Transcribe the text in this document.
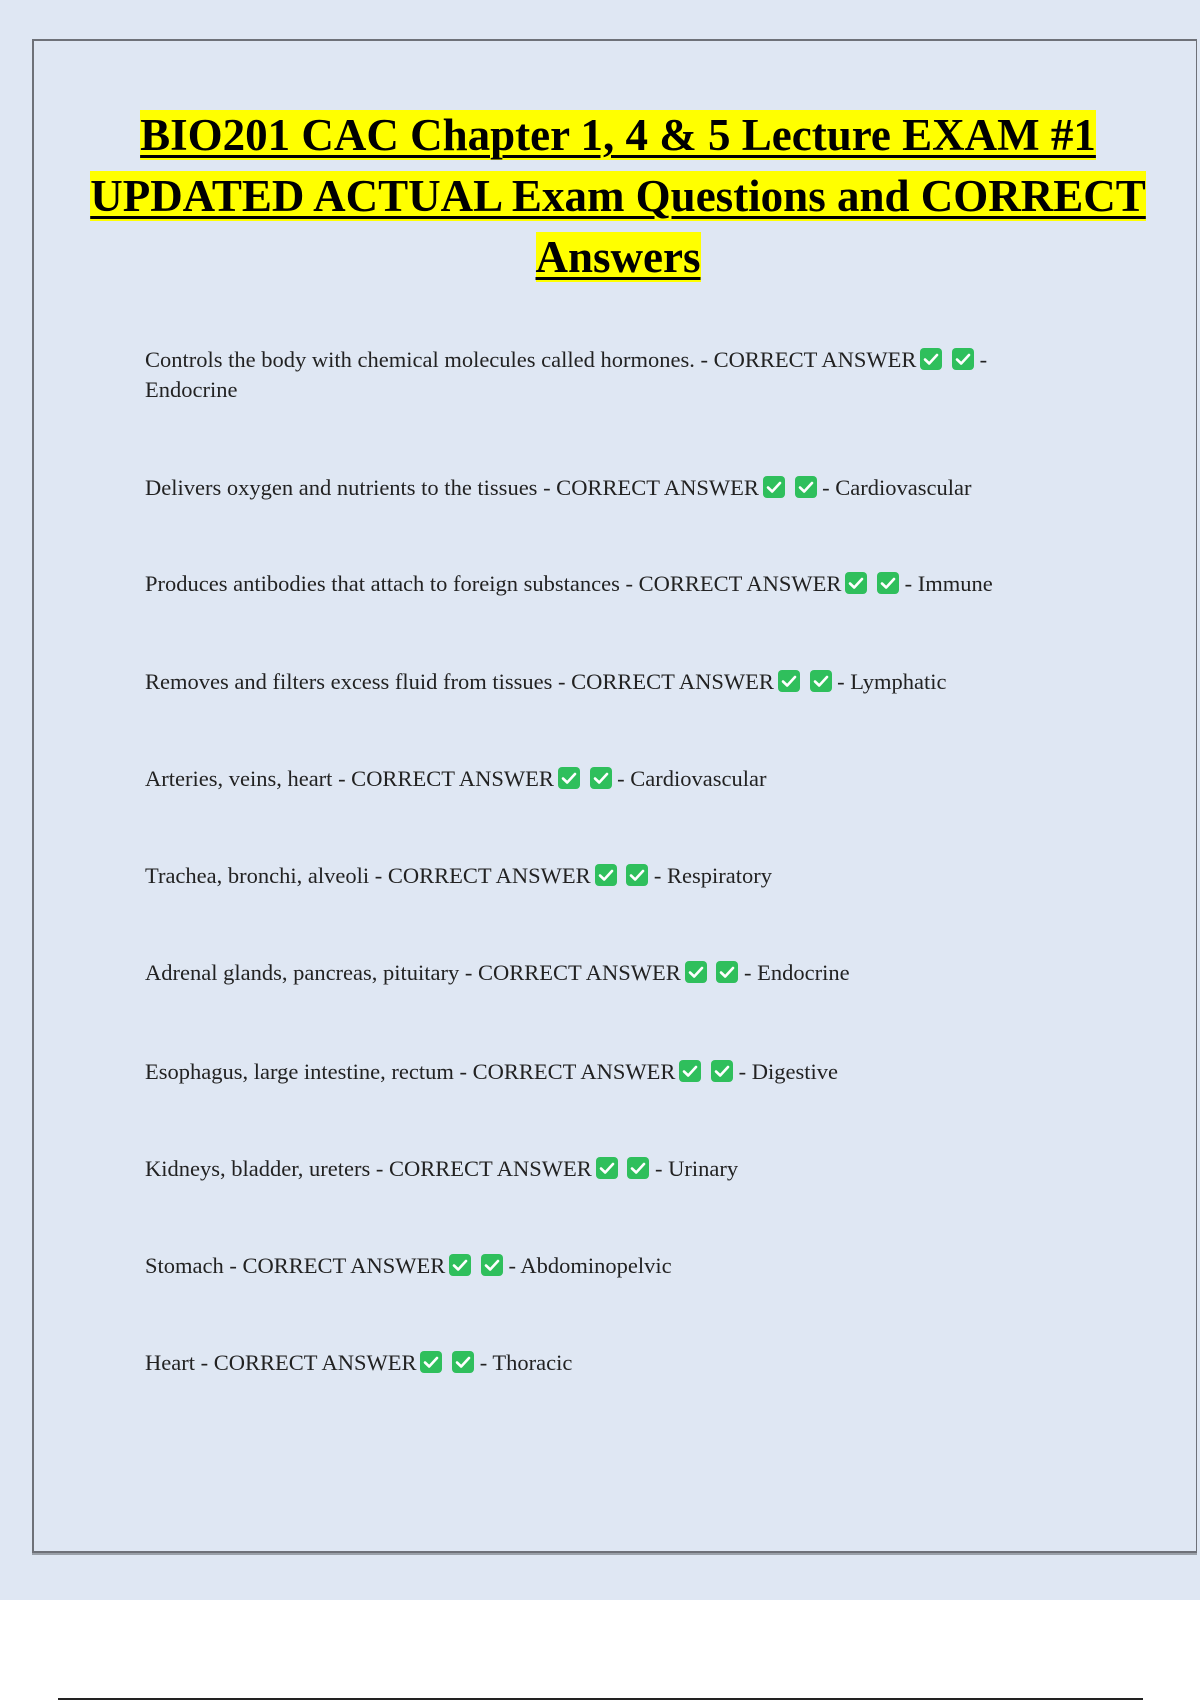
BIO201 CAC Chapter 1, 4 & 5 Lecture EXAM #1 UPDATED ACTUAL Exam Questions and CORRECT Answers
Controls the body with chemical molecules called hormones. - CORRECT ANSWER
	- Endocrine
Delivers oxygen and nutrients to the tissues - CORRECT ANSWER
	- Cardiovascular
Produces antibodies that attach to foreign substances - CORRECT ANSWER
	- Immune
Removes and filters excess fluid from tissues - CORRECT ANSWER
	- Lymphatic
Arteries, veins, heart - CORRECT ANSWER
	- Cardiovascular
Trachea, bronchi, alveoli - CORRECT ANSWER
	- Respiratory
Adrenal glands, pancreas, pituitary - CORRECT ANSWER
	- Endocrine
Esophagus, large intestine, rectum - CORRECT ANSWER
	- Digestive
Kidneys, bladder, ureters - CORRECT ANSWER
	- Urinary
Stomach - CORRECT ANSWER
	- Abdominopelvic
Heart - CORRECT ANSWER
	- Thoracic
